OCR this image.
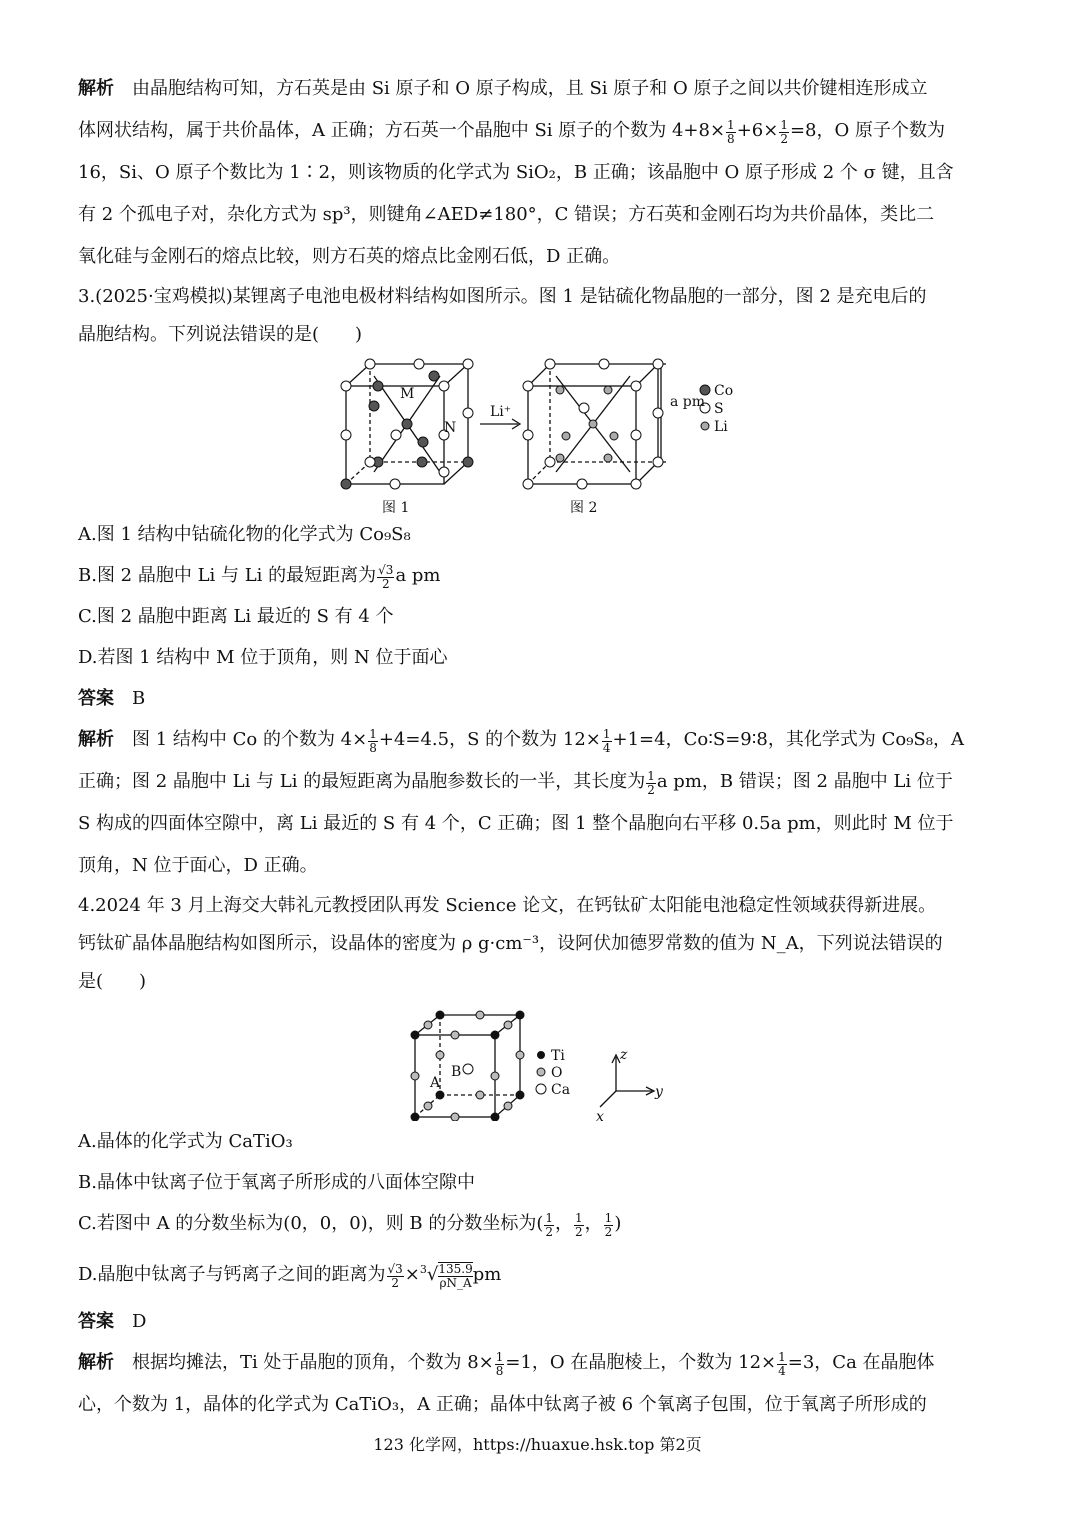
解析 由晶胞结构可知，方石英是由 Si 原子和 O 原子构成，且 Si 原子和 O 原子之间以共价键相连形成立

体网状结构，属于共价晶体，A 正确；方石英一个晶胞中 Si 原子的个数为 $4+8\times \frac{1}{8} +6\times \frac{1}{2} =8$，O 原子个数为

16，Si、O 原子个数比为 1∶2，则该物质的化学式为 SiO₂，B 正确；该晶胞中 O 原子形成 2 个 σ 键，且含

有 2 个孤电子对，杂化方式为 sp³，则键角∠AED≠180°，C 错误；方石英和金刚石均为共价晶体，类比二

氧化硅与金刚石的熔点比较，则方石英的熔点比金刚石低，D 正确。

3.(2025·宝鸡模拟)某锂离子电池电极材料结构如图所示。图 1 是钴硫化物晶胞的一部分，图 2 是充电后的

晶胞结构。下列说法错误的是(　　)

M
N
Li⁺
a pm
Co
S
Li
图 1	图 2

A.图 1 结构中钴硫化物的化学式为 Co₉S₈

B.图 2 晶胞中 Li 与 Li 的最短距离为 $\frac{√3}{2}$ a pm

C.图 2 晶胞中距离 Li 最近的 S 有 4 个

D.若图 1 结构中 M 位于顶角，则 N 位于面心

答案 B

解析 图 1 结构中 Co 的个数为 $4\times \frac{1}{8} +4=4.5$，S 的个数为 $12\times \frac{1}{4} +1=4$，Co∶S=9∶8，其化学式为 Co₉S₈，A

正确；图 2 晶胞中 Li 与 Li 的最短距离为晶胞参数长的一半，其长度为 $\frac{1}{2}$ a pm，B 错误；图 2 晶胞中 Li 位于

S 构成的四面体空隙中，离 Li 最近的 S 有 4 个，C 正确；图 1 整个晶胞向右平移 0.5a pm，则此时 M 位于

顶角，N 位于面心，D 正确。

4.2024 年 3 月上海交大韩礼元教授团队再发 Science 论文，在钙钛矿太阳能电池稳定性领域获得新进展。

钙钛矿晶体晶胞结构如图所示，设晶体的密度为 ρ g·cm⁻³，设阿伏加德罗常数的值为 N_A，下列说法错误的

是(　　)

A
B
Ti
O
Ca
z
y
x

A.晶体的化学式为 CaTiO₃

B.晶体中钛离子位于氧离子所形成的八面体空隙中

C.若图中 A 的分数坐标为(0，0，0)，则 B 的分数坐标为( $\frac{1}{2}$ ， $\frac{1}{2}$ ， $\frac{1}{2}$ )

D.晶胞中钛离子与钙离子之间的距离为 $\frac{√3}{2} \times^3√ \frac{135.9}{\rho N\_A}$ pm

答案 D

解析 根据均摊法，Ti 处于晶胞的顶角，个数为 $8\times \frac{1}{8} =1$，O 在晶胞棱上，个数为 $12\times \frac{1}{4} =3$，Ca 在晶胞体

心，个数为 1，晶体的化学式为 CaTiO₃，A 正确；晶体中钛离子被 6 个氧离子包围，位于氧离子所形成的

123 化学网，https://huaxue.hsk.top 第2页
